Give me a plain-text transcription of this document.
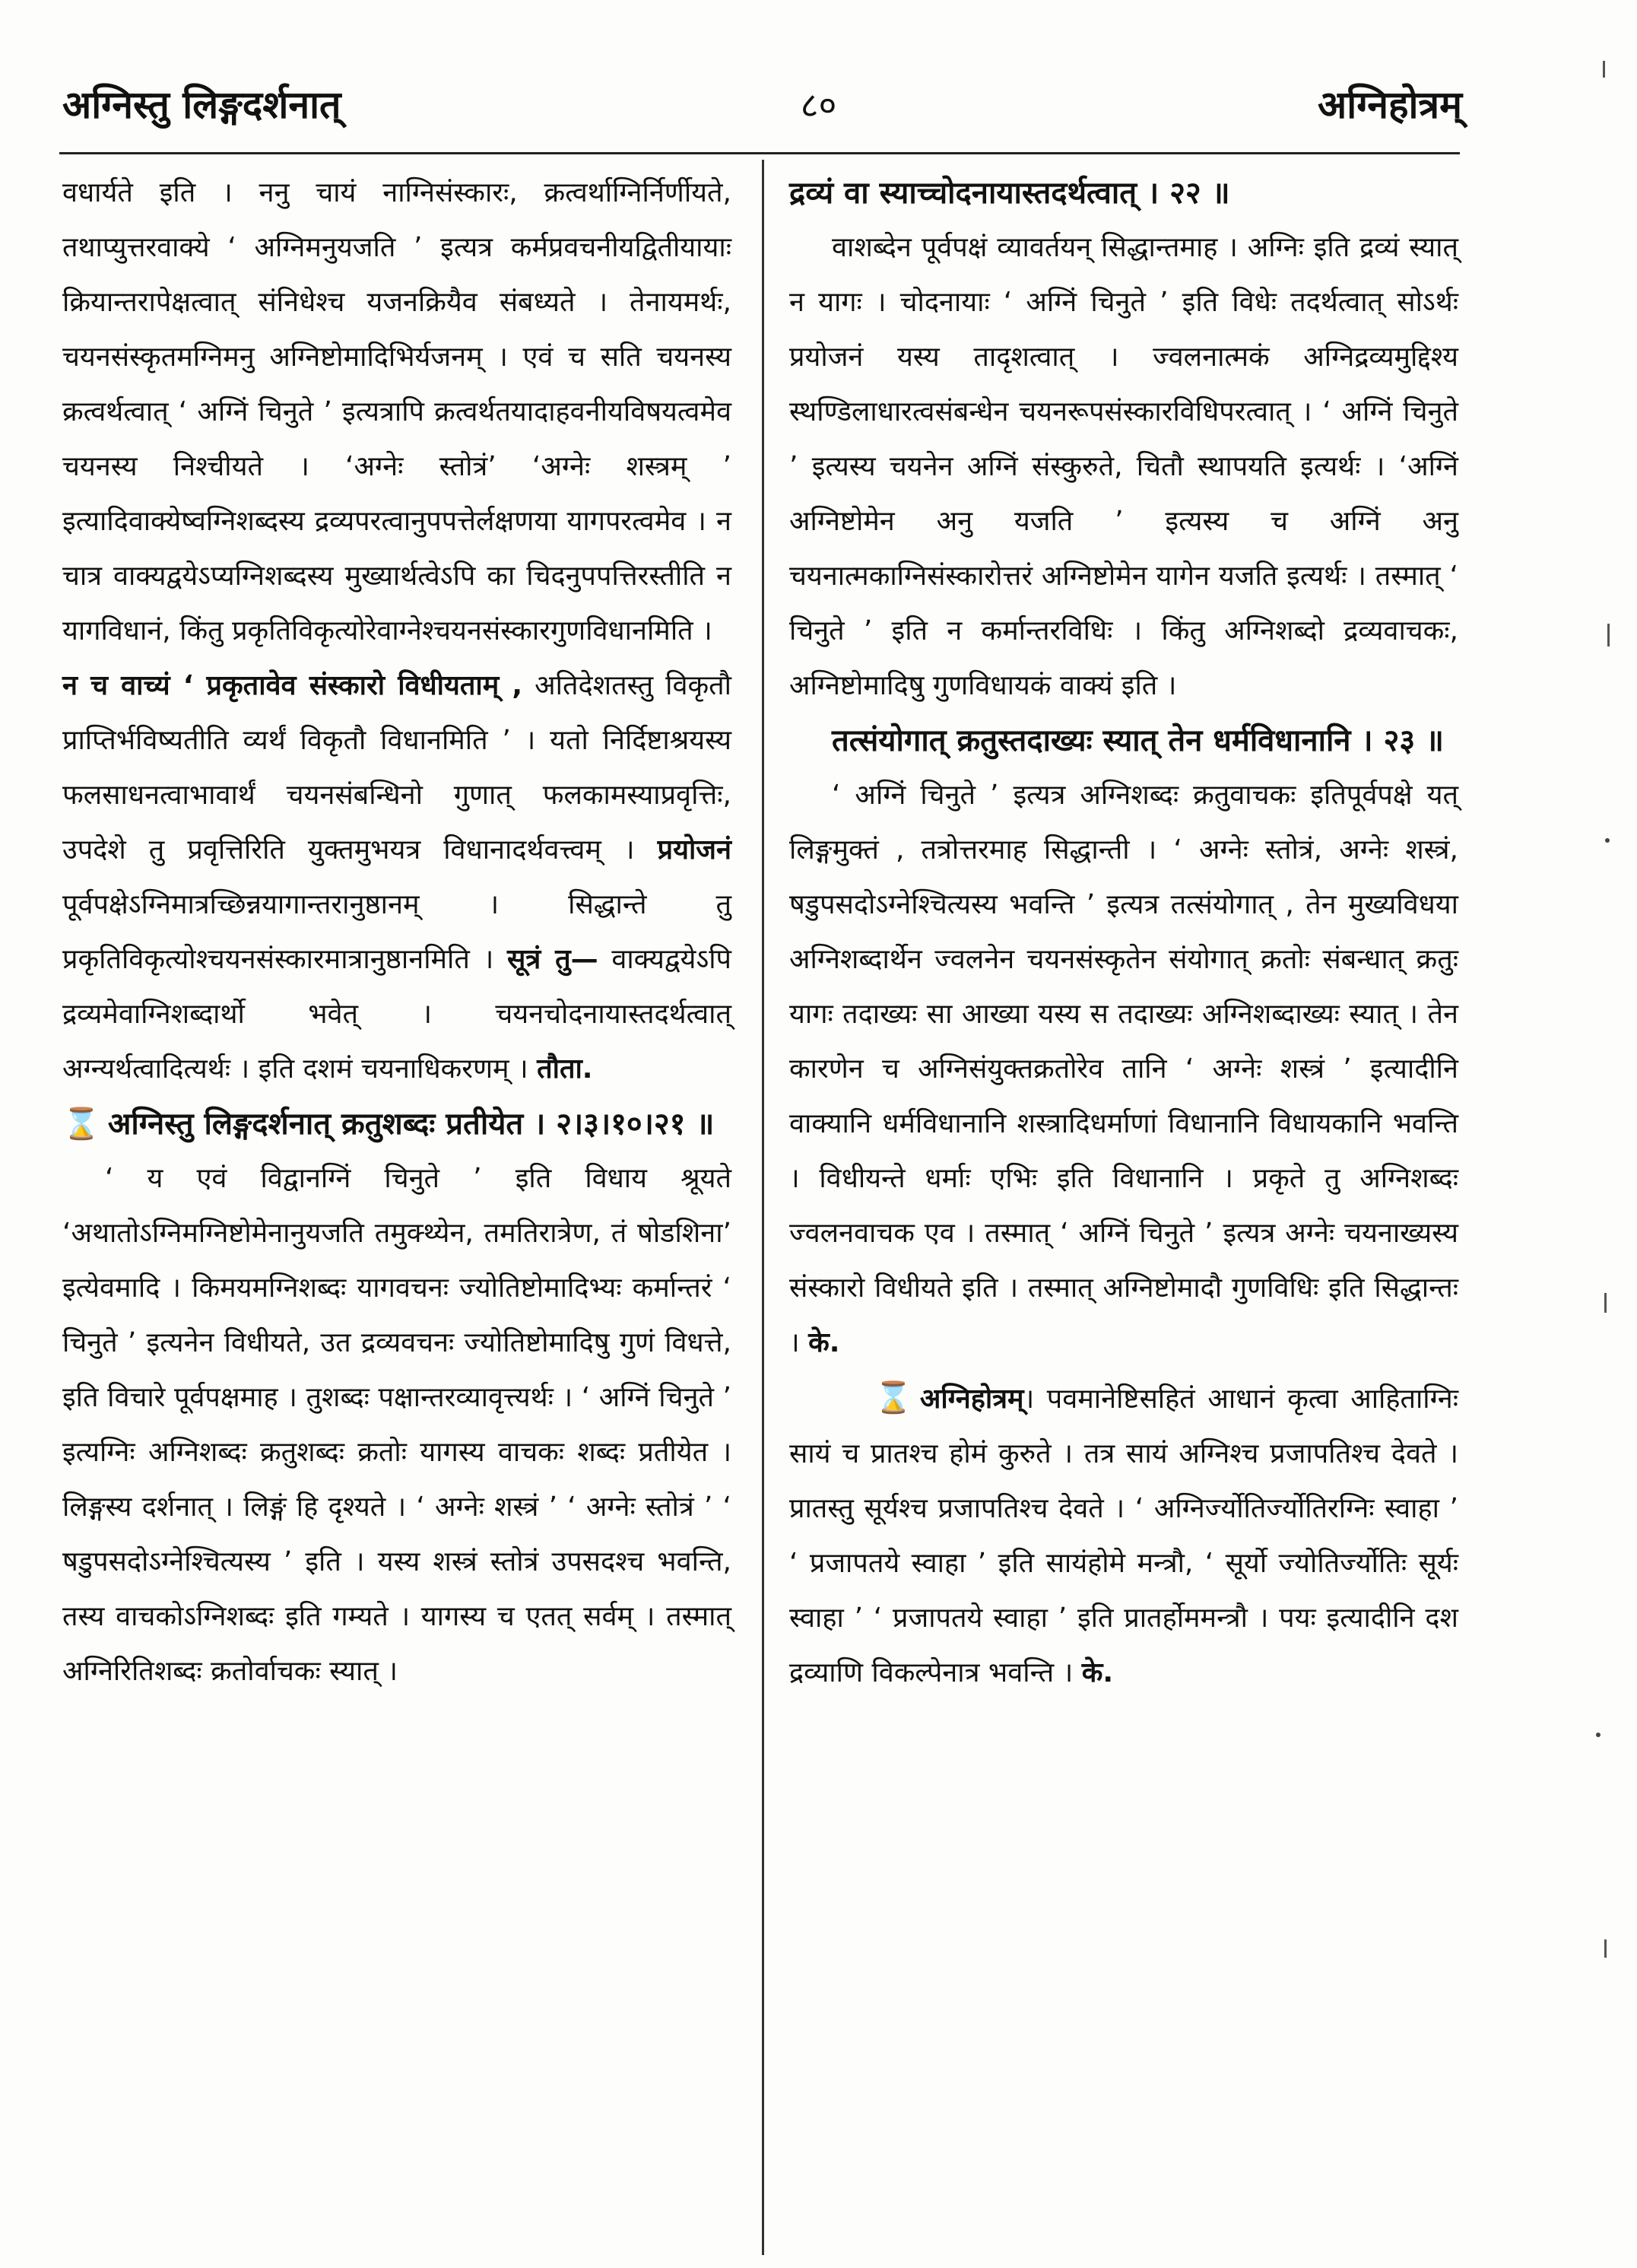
अग्निस्तु लिङ्गदर्शनात्	८०	अग्निहोत्रम्

वधार्यते इति । ननु चायं नाग्निसंस्कारः, क्रत्वर्थाग्निर्निर्णीयते, तथाप्युत्तरवाक्ये ‘ अग्निमनुयजति ’ इत्यत्र कर्मप्रवचनीयद्वितीयायाः क्रियान्तरापेक्षत्वात् संनिधेश्च यजनक्रियैव संबध्यते । तेनायमर्थः, चयनसंस्कृतमग्निमनु अग्निष्टोमादिभिर्यजनम् । एवं च सति चयनस्य क्रत्वर्थत्वात् ‘ अग्निं चिनुते ’ इत्यत्रापि क्रत्वर्थतयादाहवनीयविषयत्वमेव चयनस्य निश्चीयते । ‘अग्नेः स्तोत्रं’ ‘अग्नेः शस्त्रम् ’ इत्यादिवाक्येष्वग्निशब्दस्य द्रव्यपरत्वानुपपत्तेर्लक्षणया यागपरत्वमेव । न चात्र वाक्यद्वयेऽप्यग्निशब्दस्य मुख्यार्थत्वेऽपि का चिदनुपपत्तिरस्तीति न यागविधानं, किंतु प्रकृतिविकृत्योरेवाग्नेश्चयनसंस्कारगुणविधानमिति ।

न च वाच्यं ‘ प्रकृतावेव संस्कारो विधीयताम् , अतिदेशतस्तु विकृतौ प्राप्तिर्भविष्यतीति व्यर्थं विकृतौ विधानमिति ’ । यतो निर्दिष्टाश्रयस्य फलसाधनत्वाभावार्थं चयनसंबन्धिनो गुणात् फलकामस्याप्रवृत्तिः, उपदेशे तु प्रवृत्तिरिति युक्तमुभयत्र विधानादर्थवत्त्वम् । प्रयोजनं पूर्वपक्षेऽग्निमात्रच्छिन्नयागान्तरानुष्ठानम् । सिद्धान्ते तु प्रकृतिविकृत्योश्चयनसंस्कारमात्रानुष्ठानमिति । सूत्रं तु— वाक्यद्वयेऽपि द्रव्यमेवाग्निशब्दार्थो भवेत् । चयनचोदनायास्तदर्थत्वात् अग्न्यर्थत्वादित्यर्थः । इति दशमं चयनाधिकरणम् । तौता.

⌛ अग्निस्तु लिङ्गदर्शनात् क्रतुशब्दः प्रतीयेत । २।३।१०।२१ ॥

‘ य एवं विद्वानग्निं चिनुते ’ इति विधाय श्रूयते ‘अथातोऽग्निमग्निष्टोमेनानुयजति तमुक्थ्येन, तमतिरात्रेण, तं षोडशिना’ इत्येवमादि । किमयमग्निशब्दः यागवचनः ज्योतिष्टोमादिभ्यः कर्मान्तरं ‘ चिनुते ’ इत्यनेन विधीयते, उत द्रव्यवचनः ज्योतिष्टोमादिषु गुणं विधत्ते, इति विचारे पूर्वपक्षमाह । तुशब्दः पक्षान्तरव्यावृत्त्यर्थः । ‘ अग्निं चिनुते ’ इत्यग्निः अग्निशब्दः क्रतुशब्दः क्रतोः यागस्य वाचकः शब्दः प्रतीयेत । लिङ्गस्य दर्शनात् । लिङ्गं हि दृश्यते । ‘ अग्नेः शस्त्रं ’ ‘ अग्नेः स्तोत्रं ’ ‘ षडुपसदोऽग्नेश्चित्यस्य ’ इति । यस्य शस्त्रं स्तोत्रं उपसदश्च भवन्ति, तस्य वाचकोऽग्निशब्दः इति गम्यते । यागस्य च एतत् सर्वम् । तस्मात् अग्निरितिशब्दः क्रतोर्वाचकः स्यात् ।

द्रव्यं वा स्याच्चोदनायास्तदर्थत्वात् । २२ ॥

वाशब्देन पूर्वपक्षं व्यावर्तयन् सिद्धान्तमाह । अग्निः इति द्रव्यं स्यात् न यागः । चोदनायाः ‘ अग्निं चिनुते ’ इति विधेः तदर्थत्वात् सोऽर्थः प्रयोजनं यस्य तादृशत्वात् । ज्वलनात्मकं अग्निद्रव्यमुद्दिश्य स्थण्डिलाधारत्वसंबन्धेन चयनरूपसंस्कारविधिपरत्वात् । ‘ अग्निं चिनुते ’ इत्यस्य चयनेन अग्निं संस्कुरुते, चितौ स्थापयति इत्यर्थः । ‘अग्निं अग्निष्टोमेन अनु यजति ’ इत्यस्य च अग्निं अनु चयनात्मकाग्निसंस्कारोत्तरं अग्निष्टोमेन यागेन यजति इत्यर्थः । तस्मात् ‘ चिनुते ’ इति न कर्मान्तरविधिः । किंतु अग्निशब्दो द्रव्यवाचकः, अग्निष्टोमादिषु गुणविधायकं वाक्यं इति ।

तत्संयोगात् क्रतुस्तदाख्यः स्यात् तेन धर्मविधानानि । २३ ॥

‘ अग्निं चिनुते ’ इत्यत्र अग्निशब्दः क्रतुवाचकः इतिपूर्वपक्षे यत् लिङ्गमुक्तं , तत्रोत्तरमाह सिद्धान्ती । ‘ अग्नेः स्तोत्रं, अग्नेः शस्त्रं, षडुपसदोऽग्नेश्चित्यस्य भवन्ति ’ इत्यत्र तत्संयोगात् , तेन मुख्यविधया अग्निशब्दार्थेन ज्वलनेन चयनसंस्कृतेन संयोगात् क्रतोः संबन्धात् क्रतुः यागः तदाख्यः सा आख्या यस्य स तदाख्यः अग्निशब्दाख्यः स्यात् । तेन कारणेन च अग्निसंयुक्तक्रतोरेव तानि ‘ अग्नेः शस्त्रं ’ इत्यादीनि वाक्यानि धर्मविधानानि शस्त्रादिधर्माणां विधानानि विधायकानि भवन्ति । विधीयन्ते धर्माः एभिः इति विधानानि । प्रकृते तु अग्निशब्दः ज्वलनवाचक एव । तस्मात् ‘ अग्निं चिनुते ’ इत्यत्र अग्नेः चयनाख्यस्य संस्कारो विधीयते इति । तस्मात् अग्निष्टोमादौ गुणविधिः इति सिद्धान्तः । के.

⌛ अग्निहोत्रम्। पवमानेष्टिसहितं आधानं कृत्वा आहिताग्निः सायं च प्रातश्च होमं कुरुते । तत्र सायं अग्निश्च प्रजापतिश्च देवते । प्रातस्तु सूर्यश्च प्रजापतिश्च देवते । ‘ अग्निर्ज्योतिर्ज्योतिरग्निः स्वाहा ’ ‘ प्रजापतये स्वाहा ’ इति सायंहोमे मन्त्रौ, ‘ सूर्यो ज्योतिर्ज्योतिः सूर्यः स्वाहा ’ ‘ प्रजापतये स्वाहा ’ इति प्रातर्होममन्त्रौ । पयः इत्यादीनि दश द्रव्याणि विकल्पेनात्र भवन्ति । के.
